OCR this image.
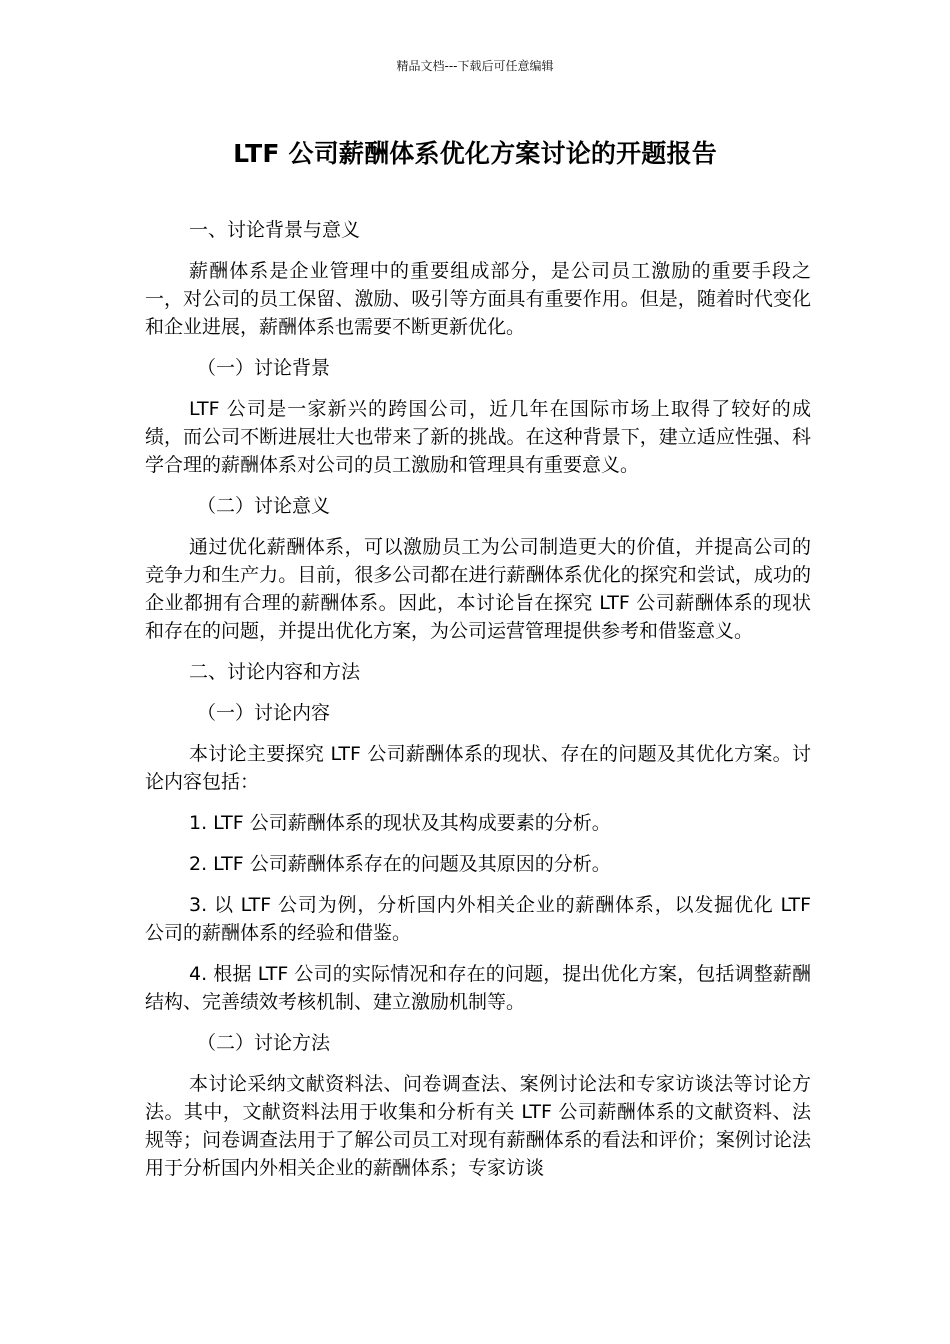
精品文档---下载后可任意编辑
LTF 公司薪酬体系优化方案讨论的开题报告

一、讨论背景与意义

薪酬体系是企业管理中的重要组成部分，是公司员工激励的重要手段之一，对公司的员工保留、激励、吸引等方面具有重要作用。但是，随着时代变化和企业进展，薪酬体系也需要不断更新优化。

（一）讨论背景

LTF 公司是一家新兴的跨国公司，近几年在国际市场上取得了较好的成绩，而公司不断进展壮大也带来了新的挑战。在这种背景下，建立适应性强、科学合理的薪酬体系对公司的员工激励和管理具有重要意义。

（二）讨论意义

通过优化薪酬体系，可以激励员工为公司制造更大的价值，并提高公司的竞争力和生产力。目前，很多公司都在进行薪酬体系优化的探究和尝试，成功的企业都拥有合理的薪酬体系。因此，本讨论旨在探究 LTF 公司薪酬体系的现状和存在的问题，并提出优化方案，为公司运营管理提供参考和借鉴意义。

二、讨论内容和方法

（一）讨论内容

本讨论主要探究 LTF 公司薪酬体系的现状、存在的问题及其优化方案。讨论内容包括：

1. LTF 公司薪酬体系的现状及其构成要素的分析。

2. LTF 公司薪酬体系存在的问题及其原因的分析。

3. 以 LTF 公司为例，分析国内外相关企业的薪酬体系，以发掘优化 LTF 公司的薪酬体系的经验和借鉴。

4. 根据 LTF 公司的实际情况和存在的问题，提出优化方案，包括调整薪酬结构、完善绩效考核机制、建立激励机制等。

（二）讨论方法

本讨论采纳文献资料法、问卷调查法、案例讨论法和专家访谈法等讨论方法。其中，文献资料法用于收集和分析有关 LTF 公司薪酬体系的文献资料、法规等；问卷调查法用于了解公司员工对现有薪酬体系的看法和评价；案例讨论法用于分析国内外相关企业的薪酬体系；专家访谈
